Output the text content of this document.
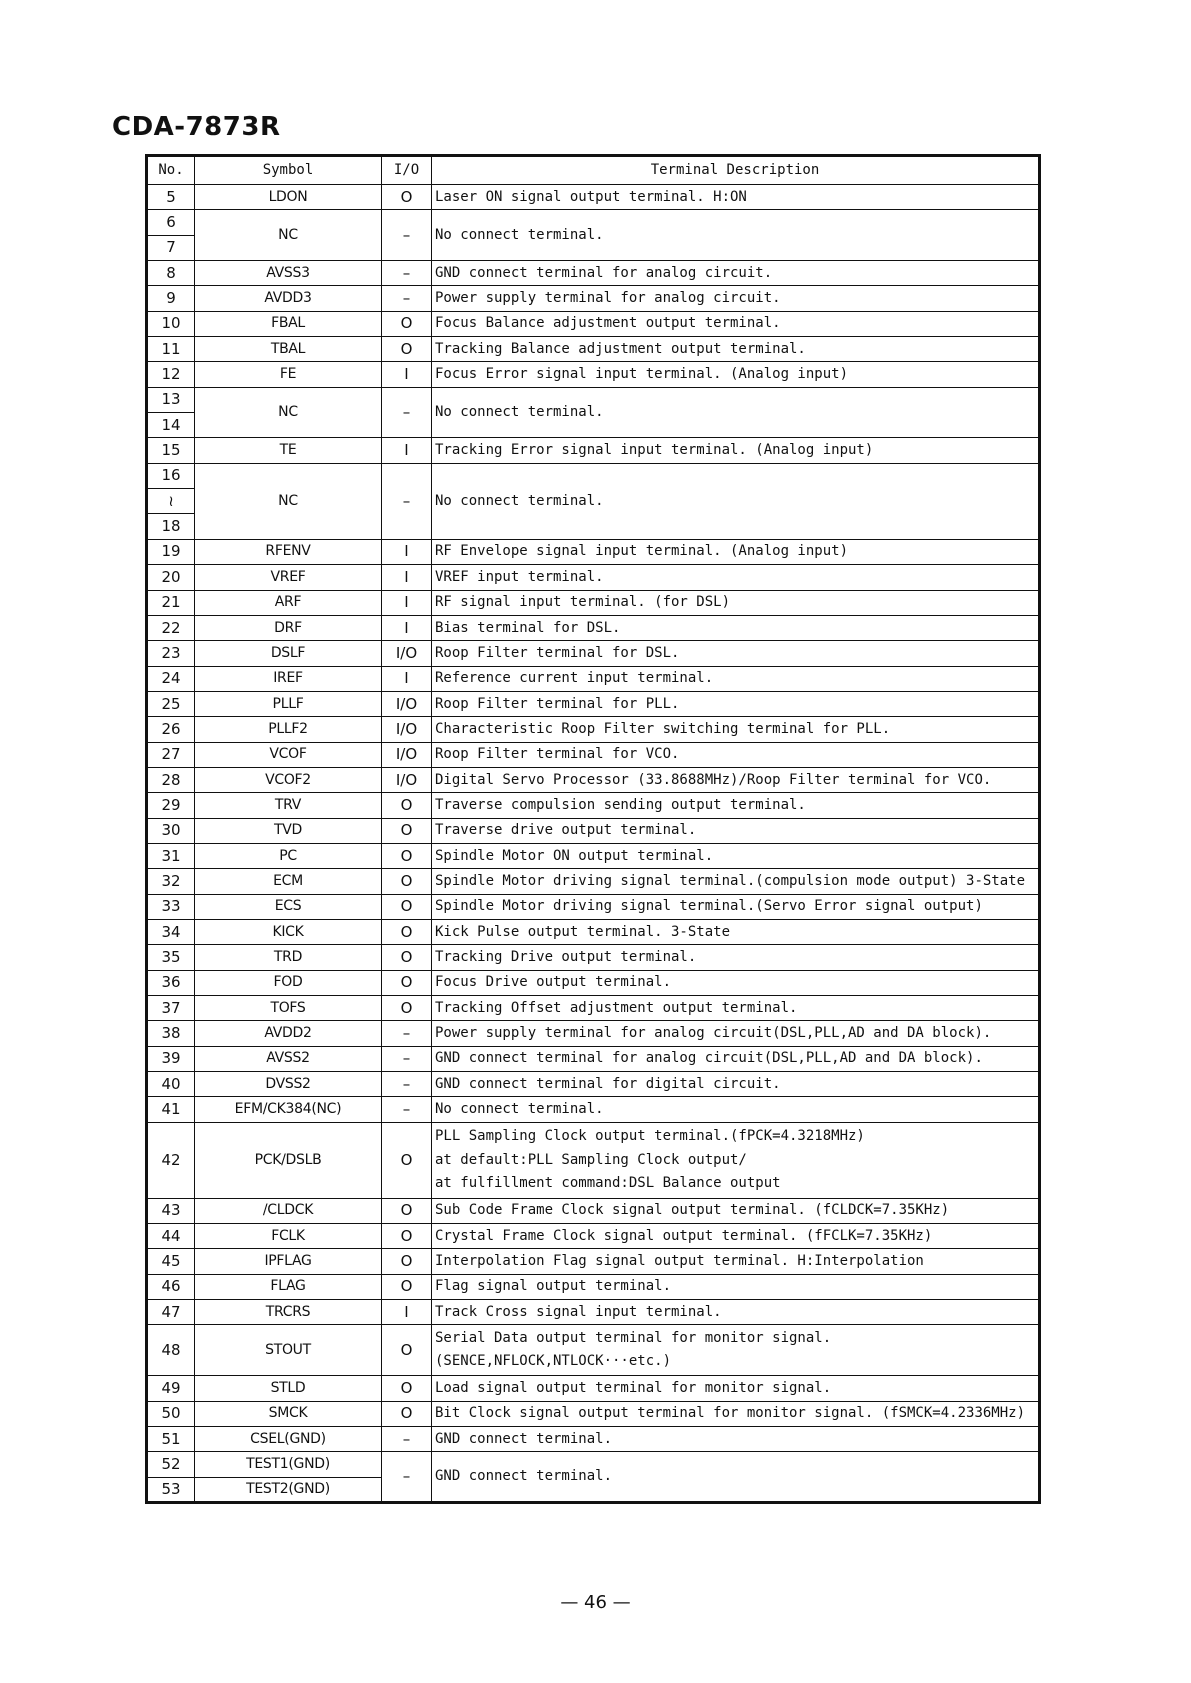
CDA-7873R
No.	Symbol	I/O	Terminal Description
5	LDON	O	Laser ON signal output terminal. H:ON

6	NC	–	No connect terminal.

7			
8	AVSS3	–	GND connect terminal for analog circuit.

9	AVDD3	–	Power supply terminal for analog circuit.

10	FBAL	O	Focus Balance adjustment output terminal.

11	TBAL	O	Tracking Balance adjustment output terminal.

12	FE	I	Focus Error signal input terminal. (Analog input)

13	NC	–	No connect terminal.

14			
15	TE	I	Tracking Error signal input terminal. (Analog input)

16	NC	–	No connect terminal.

≀			
18			
19	RFENV	I	RF Envelope signal input terminal. (Analog input)

20	VREF	I	VREF input terminal.

21	ARF	I	RF signal input terminal. (for DSL)

22	DRF	I	Bias terminal for DSL.

23	DSLF	I/O	Roop Filter terminal for DSL.

24	IREF	I	Reference current input terminal.

25	PLLF	I/O	Roop Filter terminal for PLL.

26	PLLF2	I/O	Characteristic Roop Filter switching terminal for PLL.

27	VCOF	I/O	Roop Filter terminal for VCO.

28	VCOF2	I/O	Digital Servo Processor (33.8688MHz)/Roop Filter terminal for VCO.

29	TRV	O	Traverse compulsion sending output terminal.

30	TVD	O	Traverse drive output terminal.

31	PC	O	Spindle Motor ON output terminal.

32	ECM	O	Spindle Motor driving signal terminal.(compulsion mode output) 3-State

33	ECS	O	Spindle Motor driving signal terminal.(Servo Error signal output)

34	KICK	O	Kick Pulse output terminal. 3-State

35	TRD	O	Tracking Drive output terminal.

36	FOD	O	Focus Drive output terminal.

37	TOFS	O	Tracking Offset adjustment output terminal.

38	AVDD2	–	Power supply terminal for analog circuit(DSL,PLL,AD and DA block).

39	AVSS2	–	GND connect terminal for analog circuit(DSL,PLL,AD and DA block).

40	DVSS2	–	GND connect terminal for digital circuit.

41	EFM/CK384(NC)	–	No connect terminal.

42	PCK/DSLB	O	PLL Sampling Clock output terminal.(fPCK=4.3218MHz)
at default:PLL Sampling Clock output/
at fulfillment command:DSL Balance output

43	/CLDCK	O	Sub Code Frame Clock signal output terminal. (fCLDCK=7.35KHz)

44	FCLK	O	Crystal Frame Clock signal output terminal. (fFCLK=7.35KHz)

45	IPFLAG	O	Interpolation Flag signal output terminal. H:Interpolation

46	FLAG	O	Flag signal output terminal.

47	TRCRS	I	Track Cross signal input terminal.

48	STOUT	O	Serial Data output terminal for monitor signal.
(SENCE,NFLOCK,NTLOCK···etc.)

49	STLD	O	Load signal output terminal for monitor signal.

50	SMCK	O	Bit Clock signal output terminal for monitor signal. (fSMCK=4.2336MHz)

51	CSEL(GND)	–	GND connect terminal.

52	TEST1(GND)	–	GND connect terminal.

53	TEST2(GND)		
— 46 —
